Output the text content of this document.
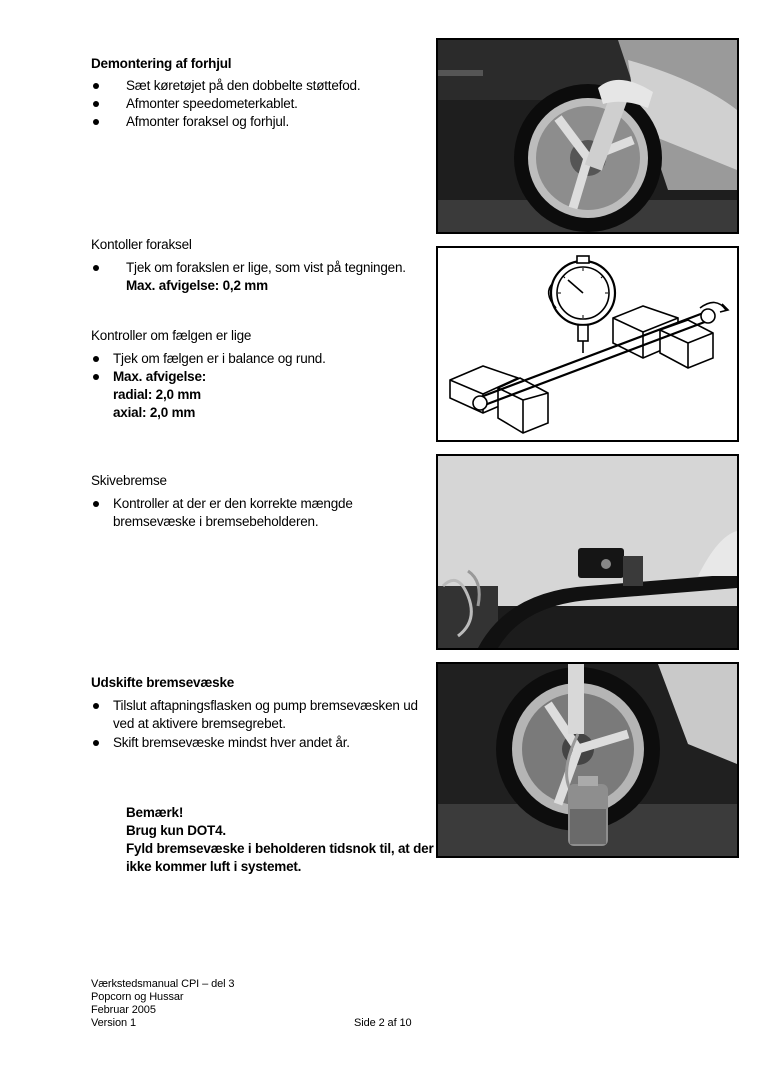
Demontering af forhjul
Sæt køretøjet på den dobbelte støttefod.
Afmonter speedometerkablet.
Afmonter foraksel og forhjul.
Kontoller foraksel
Tjek om forakslen er lige, som vist på tegningen.
Max. afvigelse: 0,2 mm
Kontroller om fælgen er lige
Tjek om fælgen er i balance og rund.
Max. afvigelse:
radial: 2,0 mm
axial: 2,0 mm
Skivebremse
Kontroller at der er den korrekte mængde
bremsevæske i bremsebeholderen.
Udskifte bremsevæske
Tilslut aftapningsflasken og pump bremsevæsken ud
ved at aktivere bremsegrebet.
Skift bremsevæske mindst hver andet år.
Bemærk!
Brug kun DOT4.
Fyld bremsevæske i beholderen tidsnok til, at der
ikke kommer luft i systemet.
Værkstedsmanual CPI – del 3
Popcorn og Hussar
Februar 2005
Version 1	Side 2 af 10
